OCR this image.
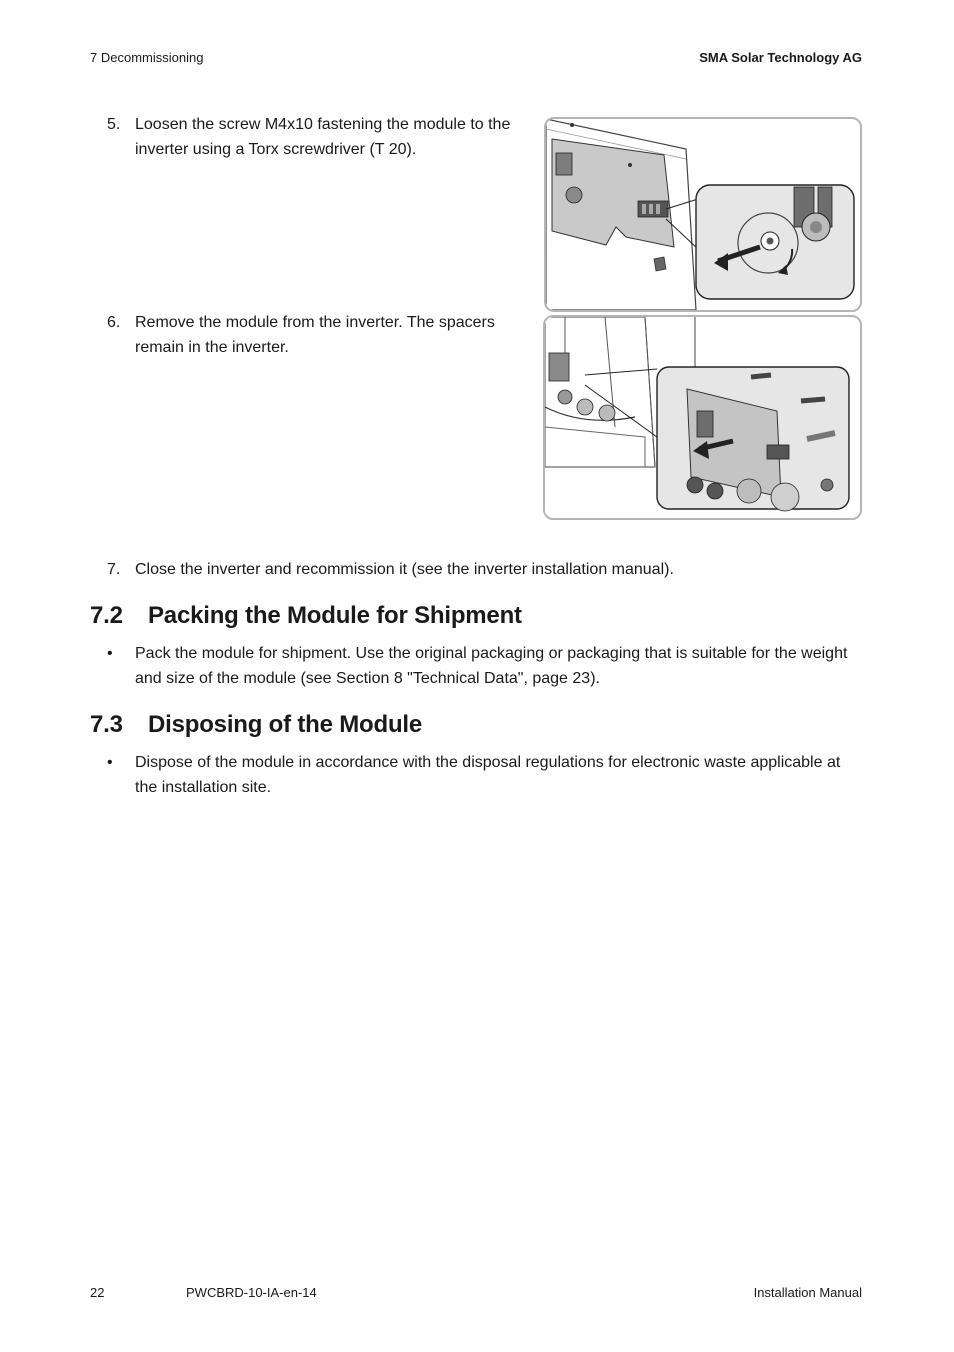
7 Decommissioning	SMA Solar Technology AG
5. Loosen the screw M4x10 fastening the module to the inverter using a Torx screwdriver (T 20).
6. Remove the module from the inverter. The spacers remain in the inverter.
7. Close the inverter and recommission it (see the inverter installation manual).
7.2 Packing the Module for Shipment
• Pack the module for shipment. Use the original packaging or packaging that is suitable for the weight and size of the module (see Section 8 "Technical Data", page 23).
7.3 Disposing of the Module
• Dispose of the module in accordance with the disposal regulations for electronic waste applicable at the installation site.
22	PWCBRD-10-IA-en-14	Installation Manual
